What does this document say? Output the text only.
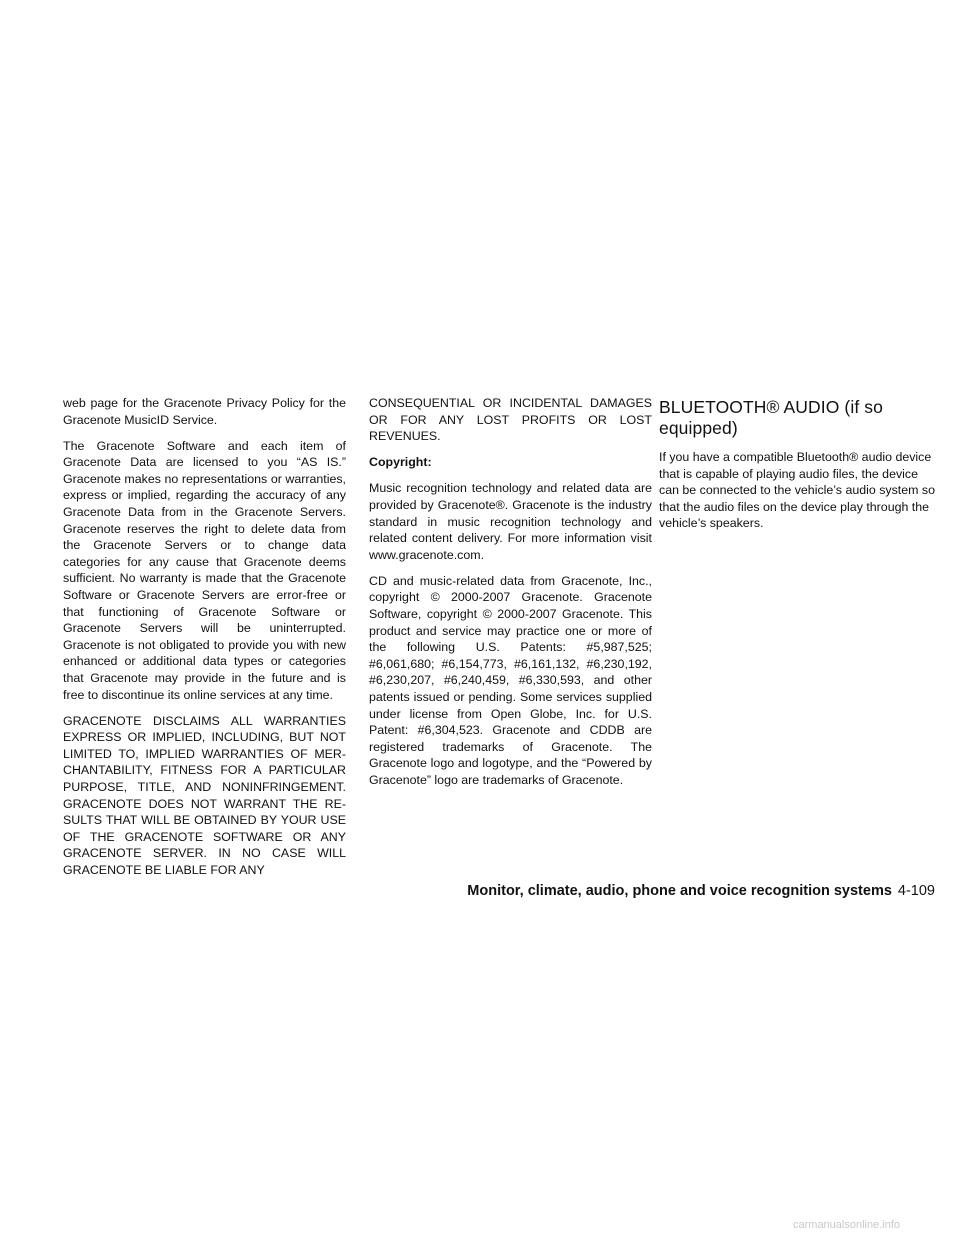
web page for the Gracenote Privacy Policy for the Gracenote MusicID Service.

The Gracenote Software and each item of Gracenote Data are licensed to you “AS IS.” Gracenote makes no representations or warranties, express or implied, regarding the accuracy of any Gracenote Data from in the Gracenote Servers. Gracenote reserves the right to delete data from the Gracenote Servers or to change data categories for any cause that Gracenote deems sufficient. No warranty is made that the Gracenote Software or Gracenote Servers are error-free or that functioning of Gracenote Software or Gracenote Servers will be uninterrupted. Gracenote is not obligated to provide you with new enhanced or additional data types or categories that Gracenote may provide in the future and is free to discontinue its online services at any time.

GRACENOTE DISCLAIMS ALL WARRANTIES EXPRESS OR IMPLIED, INCLUDING, BUT NOT LIMITED TO, IMPLIED WARRANTIES OF MERCHANTABILITY, FITNESS FOR A PARTICULAR PURPOSE, TITLE, AND NONINFRINGEMENT. GRACENOTE DOES NOT WARRANT THE RESULTS THAT WILL BE OBTAINED BY YOUR USE OF THE GRACENOTE SOFTWARE OR ANY GRACENOTE SERVER. IN NO CASE WILL GRACENOTE BE LIABLE FOR ANY

CONSEQUENTIAL OR INCIDENTAL DAMAGES OR FOR ANY LOST PROFITS OR LOST REVENUES.

Copyright:

Music recognition technology and related data are provided by Gracenote®. Gracenote is the industry standard in music recognition technology and related content delivery. For more information visit www.gracenote.com.

CD and music-related data from Gracenote, Inc., copyright © 2000-2007 Gracenote. Gracenote Software, copyright © 2000-2007 Gracenote. This product and service may practice one or more of the following U.S. Patents: #5,987,525; #6,061,680; #6,154,773, #6,161,132, #6,230,192, #6,230,207, #6,240,459, #6,330,593, and other patents issued or pending. Some services supplied under license from Open Globe, Inc. for U.S. Patent: #6,304,523. Gracenote and CDDB are registered trademarks of Gracenote. The Gracenote logo and logotype, and the “Powered by Gracenote” logo are trademarks of Gracenote.

BLUETOOTH® AUDIO (if so equipped)

If you have a compatible Bluetooth® audio device that is capable of playing audio files, the device can be connected to the vehicle’s audio system so that the audio files on the device play through the vehicle’s speakers.

Monitor, climate, audio, phone and voice recognition systems 4-109
carmanualsonline.info
